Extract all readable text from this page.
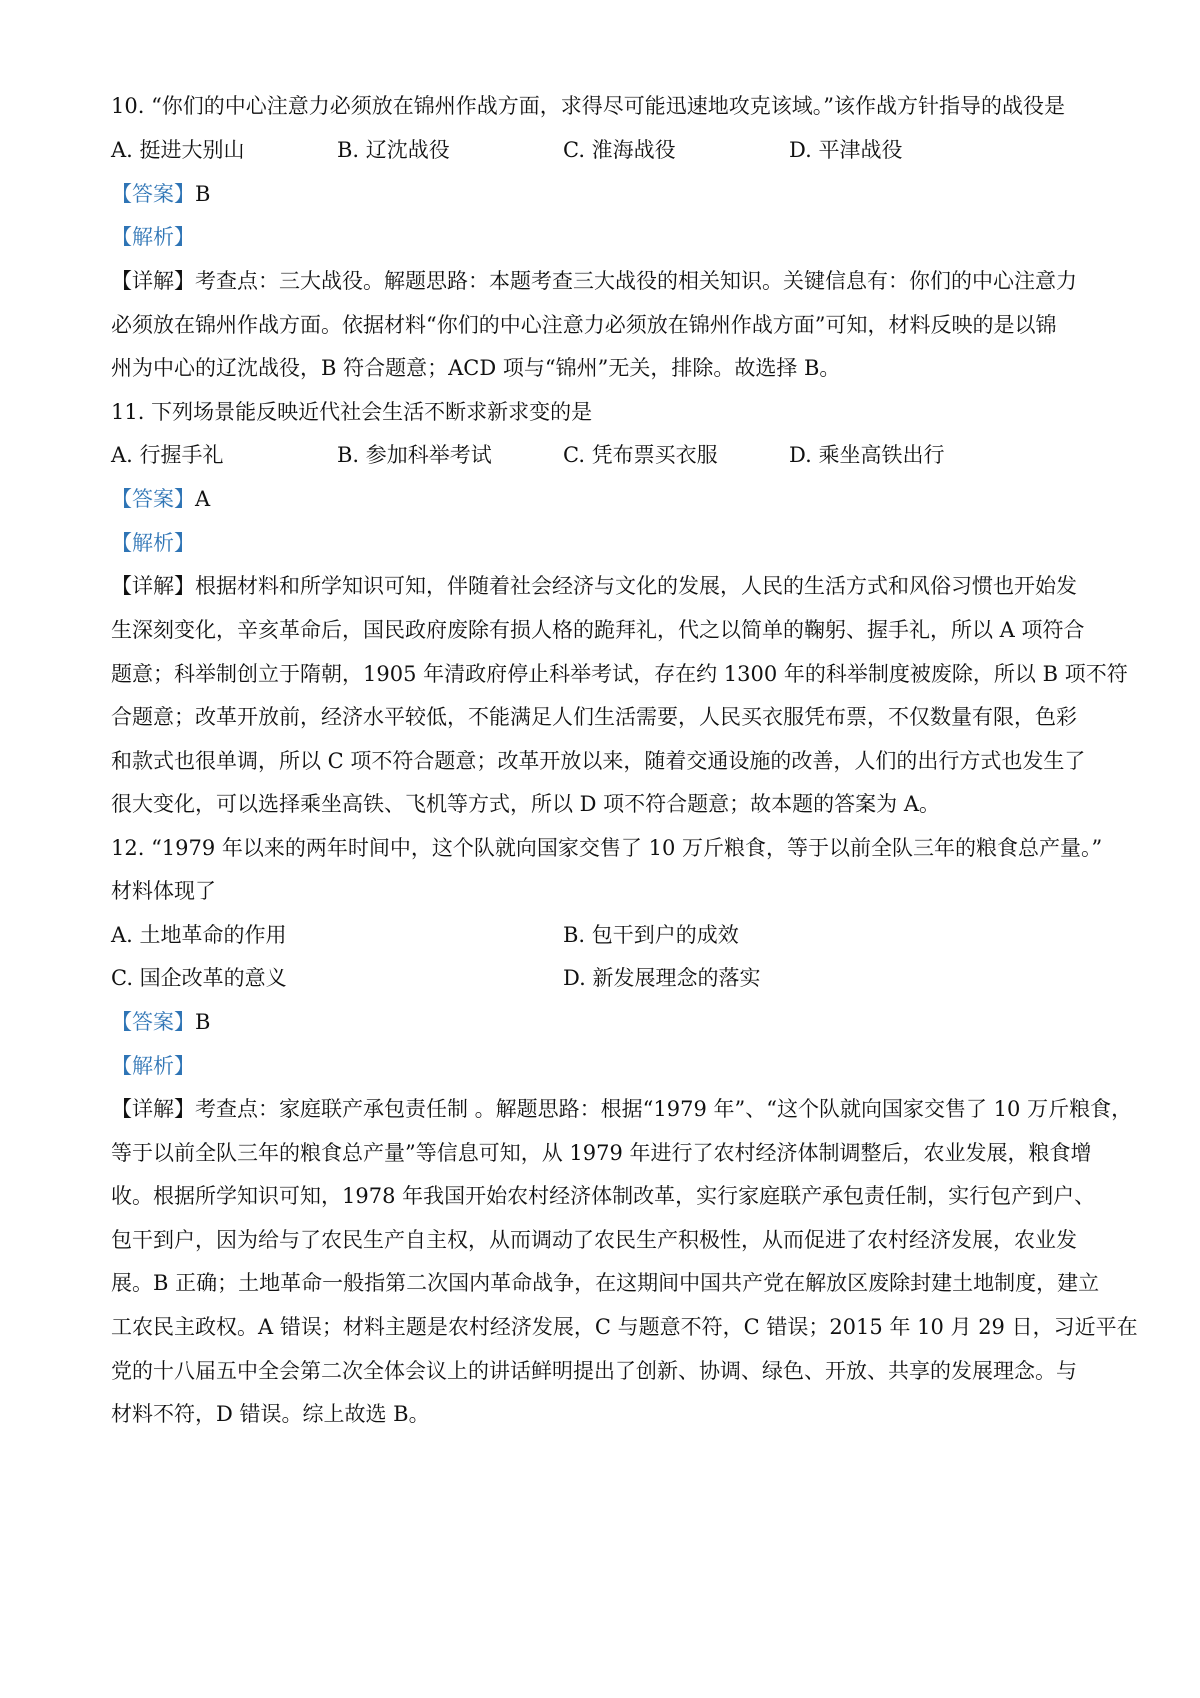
10. “你们的中心注意力必须放在锦州作战方面，求得尽可能迅速地攻克该域。”该作战方针指导的战役是
A. 挺进大别山	B. 辽沈战役	C. 淮海战役	D. 平津战役
【答案】B
【解析】
【详解】考查点：三大战役。解题思路：本题考查三大战役的相关知识。关键信息有：你们的中心注意力
必须放在锦州作战方面。依据材料“你们的中心注意力必须放在锦州作战方面”可知，材料反映的是以锦
州为中心的辽沈战役，B 符合题意；ACD 项与“锦州”无关，排除。故选择 B。
11. 下列场景能反映近代社会生活不断求新求变的是
A. 行握手礼	B. 参加科举考试	C. 凭布票买衣服	D. 乘坐高铁出行
【答案】A
【解析】
【详解】根据材料和所学知识可知，伴随着社会经济与文化的发展，人民的生活方式和风俗习惯也开始发
生深刻变化，辛亥革命后，国民政府废除有损人格的跪拜礼，代之以简单的鞠躬、握手礼，所以 A 项符合
题意；科举制创立于隋朝，1905 年清政府停止科举考试，存在约 1300 年的科举制度被废除，所以 B 项不符
合题意；改革开放前，经济水平较低，不能满足人们生活需要，人民买衣服凭布票，不仅数量有限，色彩
和款式也很单调，所以 C 项不符合题意；改革开放以来，随着交通设施的改善，人们的出行方式也发生了
很大变化，可以选择乘坐高铁、飞机等方式，所以 D 项不符合题意；故本题的答案为 A。
12. “1979 年以来的两年时间中，这个队就向国家交售了 10 万斤粮食，等于以前全队三年的粮食总产量。”
材料体现了
A. 土地革命的作用	B. 包干到户的成效
C. 国企改革的意义	D. 新发展理念的落实
【答案】B
【解析】
【详解】考查点：家庭联产承包责任制 。解题思路：根据“1979 年”、“这个队就向国家交售了 10 万斤粮食，
等于以前全队三年的粮食总产量”等信息可知，从 1979 年进行了农村经济体制调整后，农业发展，粮食增
收。根据所学知识可知，1978 年我国开始农村经济体制改革，实行家庭联产承包责任制，实行包产到户、
包干到户，因为给与了农民生产自主权，从而调动了农民生产积极性，从而促进了农村经济发展，农业发
展。B 正确；土地革命一般指第二次国内革命战争，在这期间中国共产党在解放区废除封建土地制度，建立
工农民主政权。A 错误；材料主题是农村经济发展，C 与题意不符，C 错误；2015 年 10 月 29 日，习近平在
党的十八届五中全会第二次全体会议上的讲话鲜明提出了创新、协调、绿色、开放、共享的发展理念。与
材料不符，D 错误。综上故选 B。
